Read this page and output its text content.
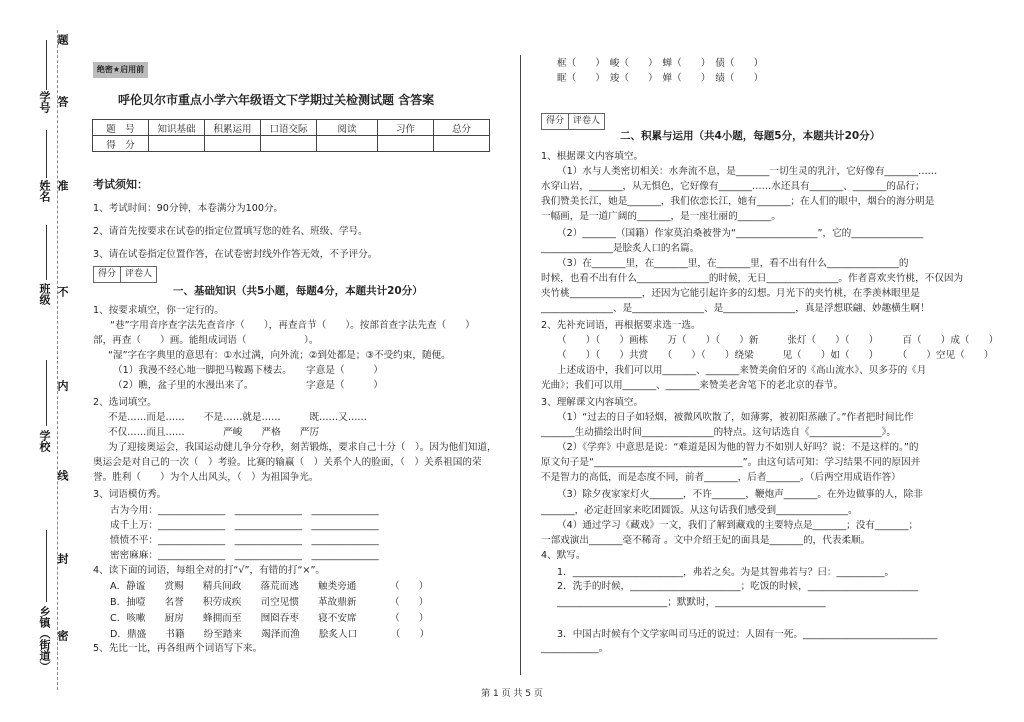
题
学号 答
姓名 准
班级 不
内
学校
线
封
乡镇（街道） 密
绝密★启用前
呼伦贝尔市重点小学六年级语文下学期过关检测试题 含答案
题　号	知识基础	积累运用	口语交际	阅读	习作	总分
得　分						
考试须知：
1、考试时间：90分钟，本卷满分为100分。
2、请首先按要求在试卷的指定位置填写您的姓名、班级、学号。
3、请在试卷指定位置作答，在试卷密封线外作答无效，不予评分。
得分	评卷人
得分	评卷人
一、基础知识（共5小题，每题4分，本题共计20分）
1、按要求填空，你一定行的。
“巷”字用音序查字法先查音序（　　），再查音节（　　）。按部首查字法先查（　　）
部，再查（　　）画。能组成词语（　　　　　　）。
“湿”字在字典里的意思有：①水过满，向外流；②到处都是；③不受约束，随便。
（1）我漫不经心地一脚把马鞍踢下楼去。　　字意是（　　　）
（2）瞧，盆子里的水漫出来了。　　　　　　字意是（　　　）
2、选词填空。
不是……而是……　　不是……就是……　　　既……又……
不仅……而且……　　　　严峻　　严格　　严厉
为了迎接奥运会，我国运动健儿争分夺秒，刻苦锻炼，要求自己十分（　）。因为他们知道，
奥运会是对自己的一次（　）考验。比赛的输赢（　）关系个人的脸面，（　）关系祖国的荣
誉。胜利（　　）为个人出风头，（　）为祖国争光。
3、词语模仿秀。
古为今用：______________　______________　______________
成千上万：______________　______________　______________
愤愤不平：______________　______________　______________
密密麻麻：______________　______________　______________
4、读下面的词语，每组全对的打“√”，有错的打“×”。
A．静谧　　赏赐　　精兵间政　　落荒而逃　　触类旁通　　　　（　　）
B．抽噎　　名誉　　积劳成疾　　司空见惯　　革故鼎新　　　　（　　）
C．咳嗽　　厨房　　蜂拥而至　　囫囵吞枣　　寝不安席　　　　（　　）
D．鼎盛　　书籍　　纷至踏来　　竭泽而渔　　脍炙人口　　　　（　　）
5、先比一比，再各组两个词语写下来。
框（　　）　峻（　　）　蝉（　　）　债（　　）
眶（　　）　竣（　　）　婵（　　）　绩（　　）
二、积累与运用（共4小题，每题5分，本题共计20分）
1、根据课文内容填空。
（1）水与人类密切相关：水奔流不息，是_______一切生灵的乳汁，它好像有_______……
水穿山岩，_______，从无惧色，它好像有_______……水还具有_______、_______的品行；
我们赞美长江，她是_______，我们依恋长江，她有_______；在人们的眼中，烟台的海分明是
一幅画，是一道广阔的_______，是一座壮丽的_______。
（2）_______（国籍）作家莫泊桑被誉为“_________________”，它的_______________
_______________是脍炙人口的名篇。
（3）在_______里，在_______里，在_______里，看不出有什么_______________的
时候，也看不出有什么_______________的时候，无日_______________。作者喜欢夹竹桃，不仅因为
夹竹桃_______________，还因为它能引起许多的幻想。月光下的夹竹桃，在季羡林眼里是
_______________、是_______________、是_______________，真是浮想联翩、妙趣横生啊！
2、先补充词语，再根据要求选一选。
（　　）（　　）画栋　　万（　　）（　　）新　　　张灯（　　）（　　）　　　百（　　）成（　　）
（　　）（　　）共赏　　（　　）（　　）绕梁　　　见（　　）如（　　）　　　（　　）空见（　　）
上述成语中，我们可以用_______、_______来赞美俞伯牙的《高山流水》、贝多芬的《月
光曲》；我们可以用_______、_______来赞美老舍笔下的老北京的春节。
3、理解课文内容填空。
（1）“过去的日子如轻烟，被微风吹散了，如薄雾，被初阳蒸融了。”作者把时间比作
_______生动描绘出时间_______________的特点。这句话选自《_______________》。
（2）《学弈》中意思是说：“难道是因为他的智力不如别人好吗？说：不是这样的。”的
原文句子是“_______________________________”。由这句话可知：学习结果不同的原因并
不是智力的高低，而是态度不同，前者_______，后者_______。（后两空用成语作答）
（3）除夕夜家家灯火_______，不许_______，鞭炮声_______。在外边做事的人，除非
_______，必定赶回家来吃团圆饭。从这句话我们感受到_______________。
（4）通过学习《藏戏》一文，我们了解到藏戏的主要特点是_______；没有_______；
一部戏演出_______毫不稀奇 。文中介绍王妃的面具是_______的，代表柔顺。
4、默写。
1．_______________________，弗若之矣。为是其智弗若与？曰：__________。
2．洗手的时候，_______________________；吃饭的时候，_______________________
_______________________；默默时，_______________________
3．中国古时候有个文学家叫司马迁的说过：人固有一死。____________________________
____________。
第 1 页 共 5 页
